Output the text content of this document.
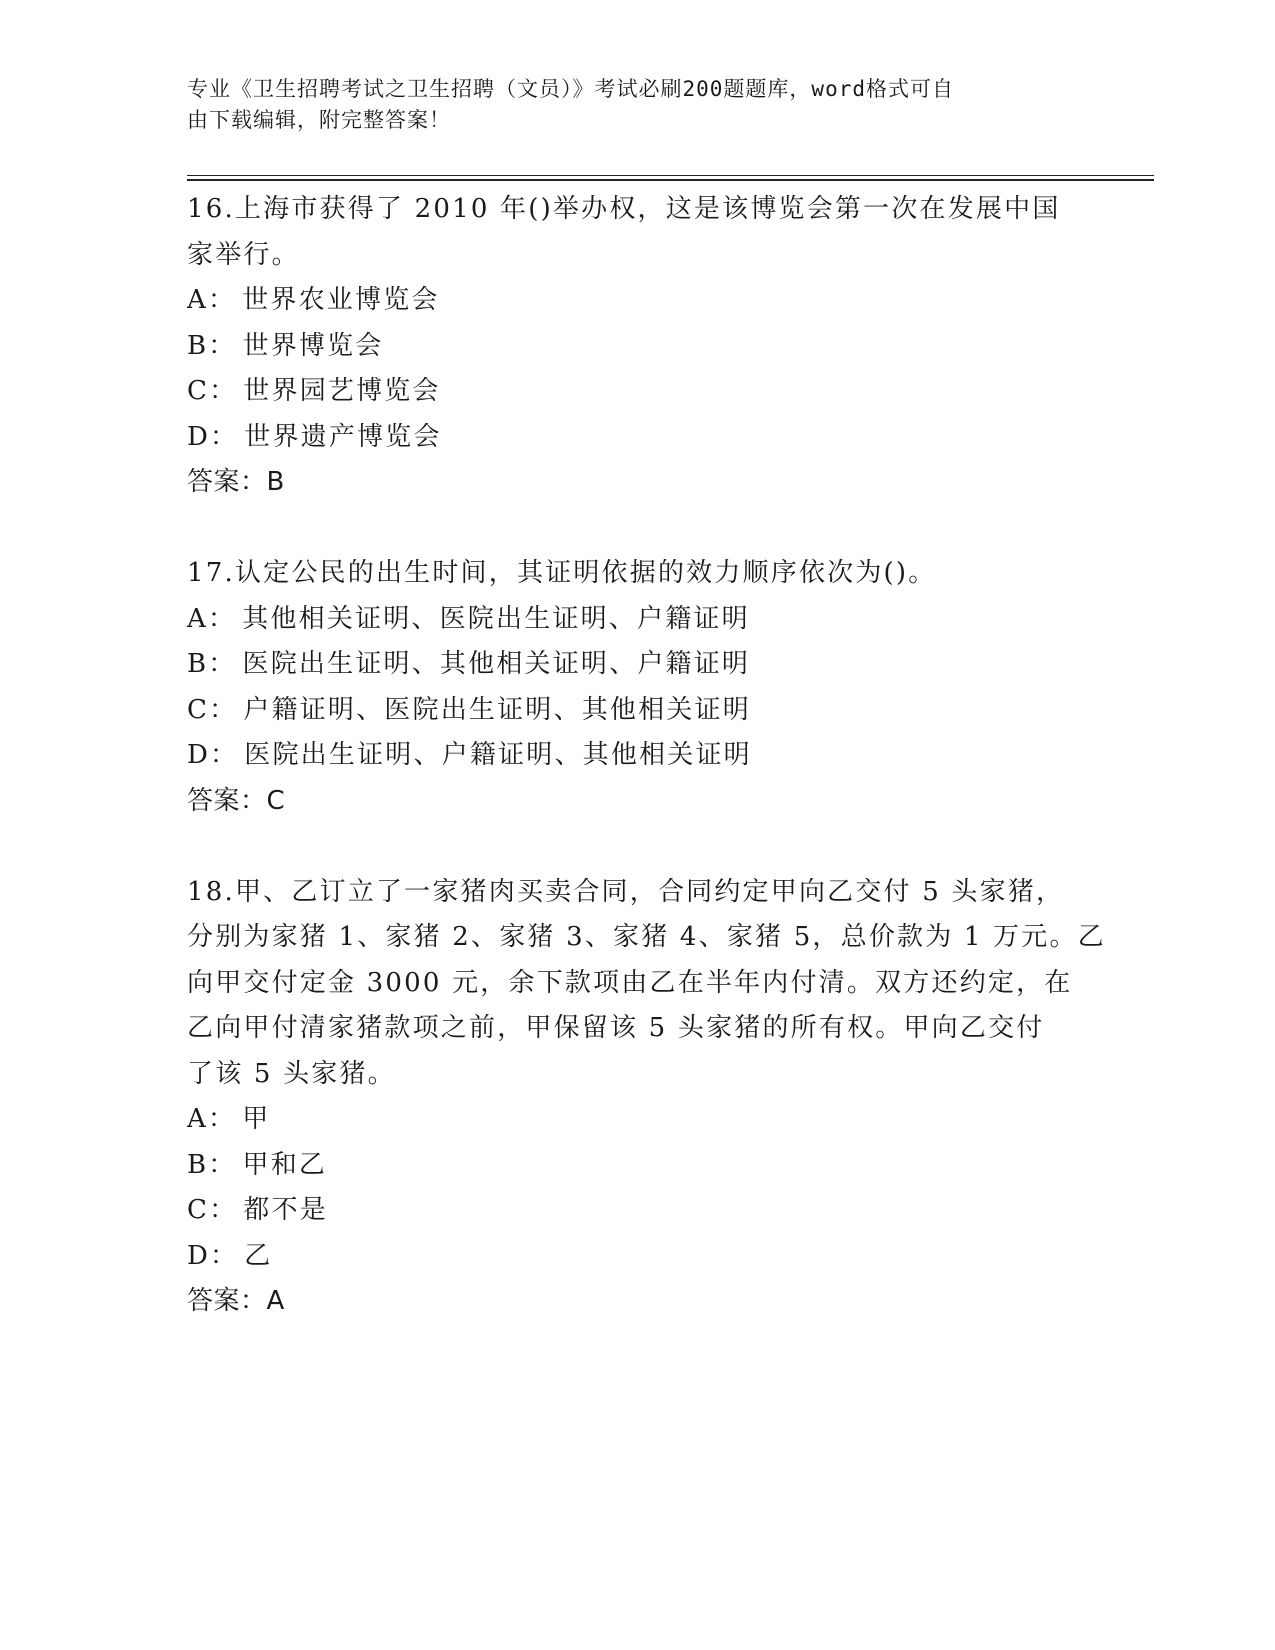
专业《卫生招聘考试之卫生招聘（文员）》考试必刷200题题库，word格式可自
由下载编辑，附完整答案！
16.上海市获得了 2010 年()举办权，这是该博览会第一次在发展中国
家举行。
A： 世界农业博览会
B： 世界博览会
C： 世界园艺博览会
D： 世界遗产博览会
答案：B
17.认定公民的出生时间，其证明依据的效力顺序依次为()。
A： 其他相关证明、医院出生证明、户籍证明
B： 医院出生证明、其他相关证明、户籍证明
C： 户籍证明、医院出生证明、其他相关证明
D： 医院出生证明、户籍证明、其他相关证明
答案：C
18.甲、乙订立了一家猪肉买卖合同，合同约定甲向乙交付 5 头家猪，
分别为家猪 1、家猪 2、家猪 3、家猪 4、家猪 5，总价款为 1 万元。乙
向甲交付定金 3000 元，余下款项由乙在半年内付清。双方还约定，在
乙向甲付清家猪款项之前，甲保留该 5 头家猪的所有权。甲向乙交付
了该 5 头家猪。
A： 甲
B： 甲和乙
C： 都不是
D： 乙
答案：A
